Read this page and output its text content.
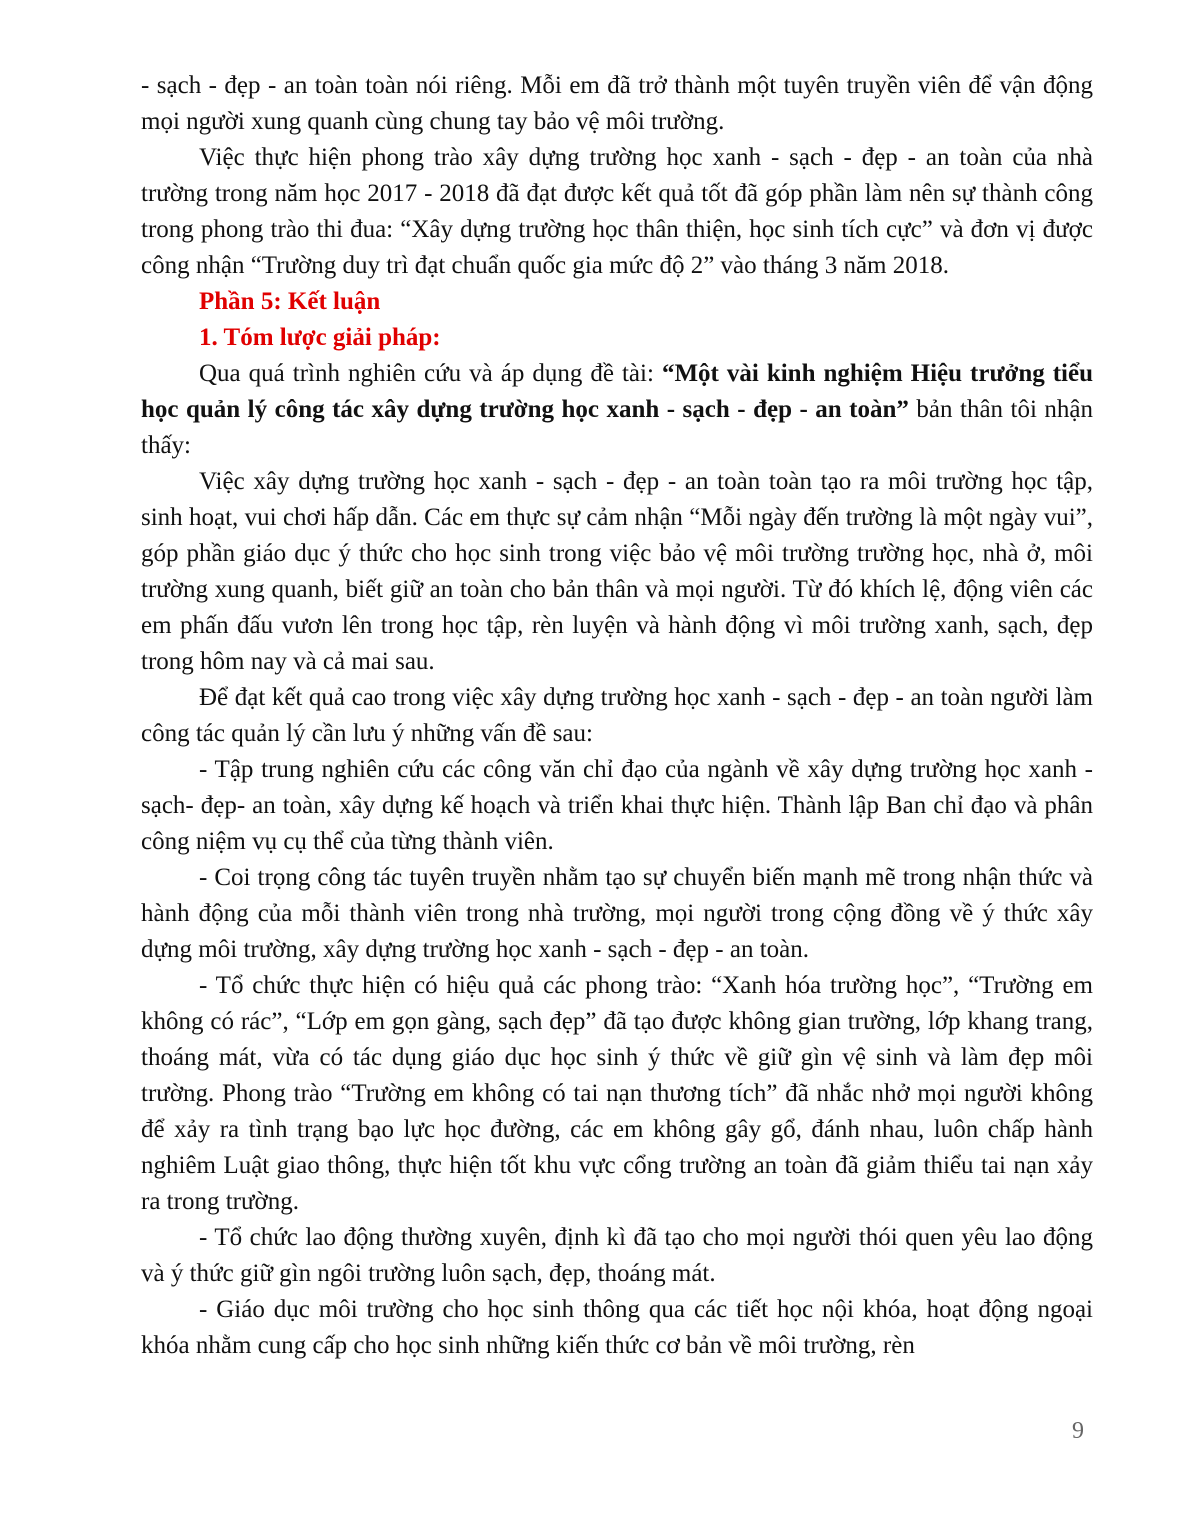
- sạch - đẹp - an toàn toàn nói riêng. Mỗi em đã trở thành một tuyên truyền viên để vận động mọi người xung quanh cùng chung tay bảo vệ môi trường.

Việc thực hiện phong trào xây dựng trường học xanh - sạch - đẹp - an toàn của nhà trường trong năm học 2017 - 2018 đã đạt được kết quả tốt đã góp phần làm nên sự thành công trong phong trào thi đua: “Xây dựng trường học thân thiện, học sinh tích cực” và đơn vị được công nhận “Trường duy trì đạt chuẩn quốc gia mức độ 2” vào tháng 3 năm 2018.

Phần 5: Kết luận

1. Tóm lược giải pháp:

Qua quá trình nghiên cứu và áp dụng đề tài: “Một vài kinh nghiệm Hiệu trưởng tiểu học quản lý công tác xây dựng trường học xanh - sạch - đẹp - an toàn” bản thân tôi nhận thấy:

Việc xây dựng trường học xanh - sạch - đẹp - an toàn toàn tạo ra môi trường học tập, sinh hoạt, vui chơi hấp dẫn. Các em thực sự cảm nhận “Mỗi ngày đến trường là một ngày vui”, góp phần giáo dục ý thức cho học sinh trong việc bảo vệ môi trường trường học, nhà ở, môi trường xung quanh, biết giữ an toàn cho bản thân và mọi người. Từ đó khích lệ, động viên các em phấn đấu vươn lên trong học tập, rèn luyện và hành động vì môi trường xanh, sạch, đẹp trong hôm nay và cả mai sau.

Để đạt kết quả cao trong việc xây dựng trường học xanh - sạch - đẹp - an toàn người làm công tác quản lý cần lưu ý những vấn đề sau:

- Tập trung nghiên cứu các công văn chỉ đạo của ngành về xây dựng trường học xanh - sạch- đẹp- an toàn, xây dựng kế hoạch và triển khai thực hiện. Thành lập Ban chỉ đạo và phân công niệm vụ cụ thể của từng thành viên.

- Coi trọng công tác tuyên truyền nhằm tạo sự chuyển biến mạnh mẽ trong nhận thức và hành động của mỗi thành viên trong nhà trường, mọi người trong cộng đồng về ý thức xây dựng môi trường, xây dựng trường học xanh - sạch - đẹp - an toàn.

- Tổ chức thực hiện có hiệu quả các phong trào: “Xanh hóa trường học”, “Trường em không có rác”, “Lớp em gọn gàng, sạch đẹp” đã tạo được không gian trường, lớp khang trang, thoáng mát, vừa có tác dụng giáo dục học sinh ý thức về giữ gìn vệ sinh và làm đẹp môi trường. Phong trào “Trường em không có tai nạn thương tích” đã nhắc nhở mọi người không để xảy ra tình trạng bạo lực học đường, các em không gây gổ, đánh nhau, luôn chấp hành nghiêm Luật giao thông, thực hiện tốt khu vực cổng trường an toàn đã giảm thiểu tai nạn xảy ra trong trường.

- Tổ chức lao động thường xuyên, định kì đã tạo cho mọi người thói quen yêu lao động và ý thức giữ gìn ngôi trường luôn sạch, đẹp, thoáng mát.

- Giáo dục môi trường cho học sinh thông qua các tiết học nội khóa, hoạt động ngoại khóa nhằm cung cấp cho học sinh những kiến thức cơ bản về môi trường, rèn

9
